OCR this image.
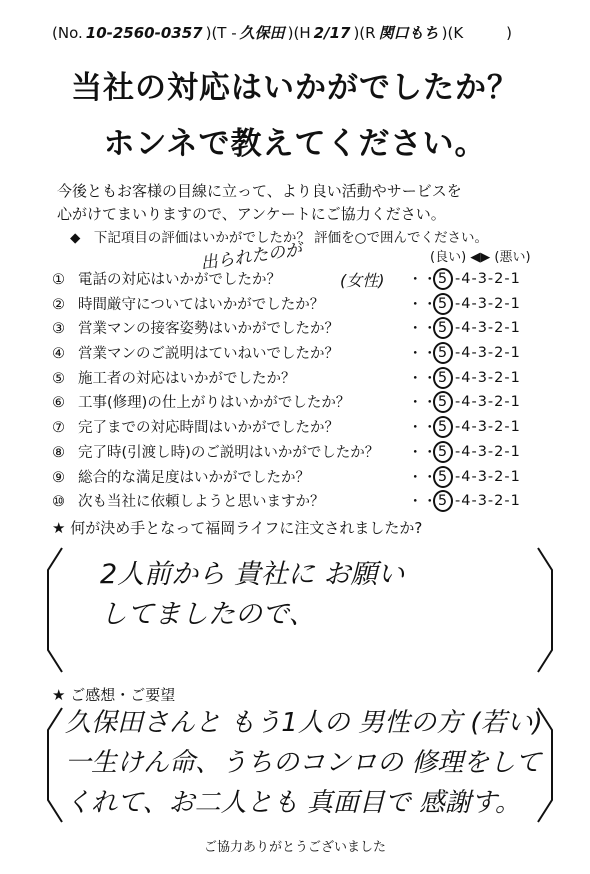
(No. 10-2560-0357 )(T - 久保田 )(H 2/17 )(R 関口もち )(K	)
当社の対応はいかがでしたか？
ホンネで教えてください。
今後ともお客様の目線に立って、より良い活動やサービスを
心がけてまいりますので、アンケートにご協力ください。
◆　下記項目の評価はいかがでしたか？ 評価を○で囲んでください。
出られたのが	(良い) ◀▶ (悪い)
(女性)
① 電話の対応はいかがでしたか？	・・ 5 -4-3-2-1
② 時間厳守についてはいかがでしたか？	・・ 5 -4-3-2-1
③ 営業マンの接客姿勢はいかがでしたか？	・・ 5 -4-3-2-1
④ 営業マンのご説明はていねいでしたか？	・・ 5 -4-3-2-1
⑤ 施工者の対応はいかがでしたか？	・・ 5 -4-3-2-1
⑥ 工事(修理)の仕上がりはいかがでしたか？	・・ 5 -4-3-2-1
⑦ 完了までの対応時間はいかがでしたか？	・・ 5 -4-3-2-1
⑧ 完了時(引渡し時)のご説明はいかがでしたか？ ・・ 5 -4-3-2-1
⑨ 総合的な満足度はいかがでしたか？	・・ 5 -4-3-2-1
⑩ 次も当社に依頼しようと思いますか？	・・ 5 -4-3-2-1
★ 何が決め手となって福岡ライフに注文されましたか?
2人前から 貴社に お願い
してましたので、
★ ご感想・ご要望
久保田さんと もう1人の 男性の方 (若い)
一生けん命、うちのコンロの 修理をして
くれて、お二人とも 真面目で 感謝す。
ご協力ありがとうございました
